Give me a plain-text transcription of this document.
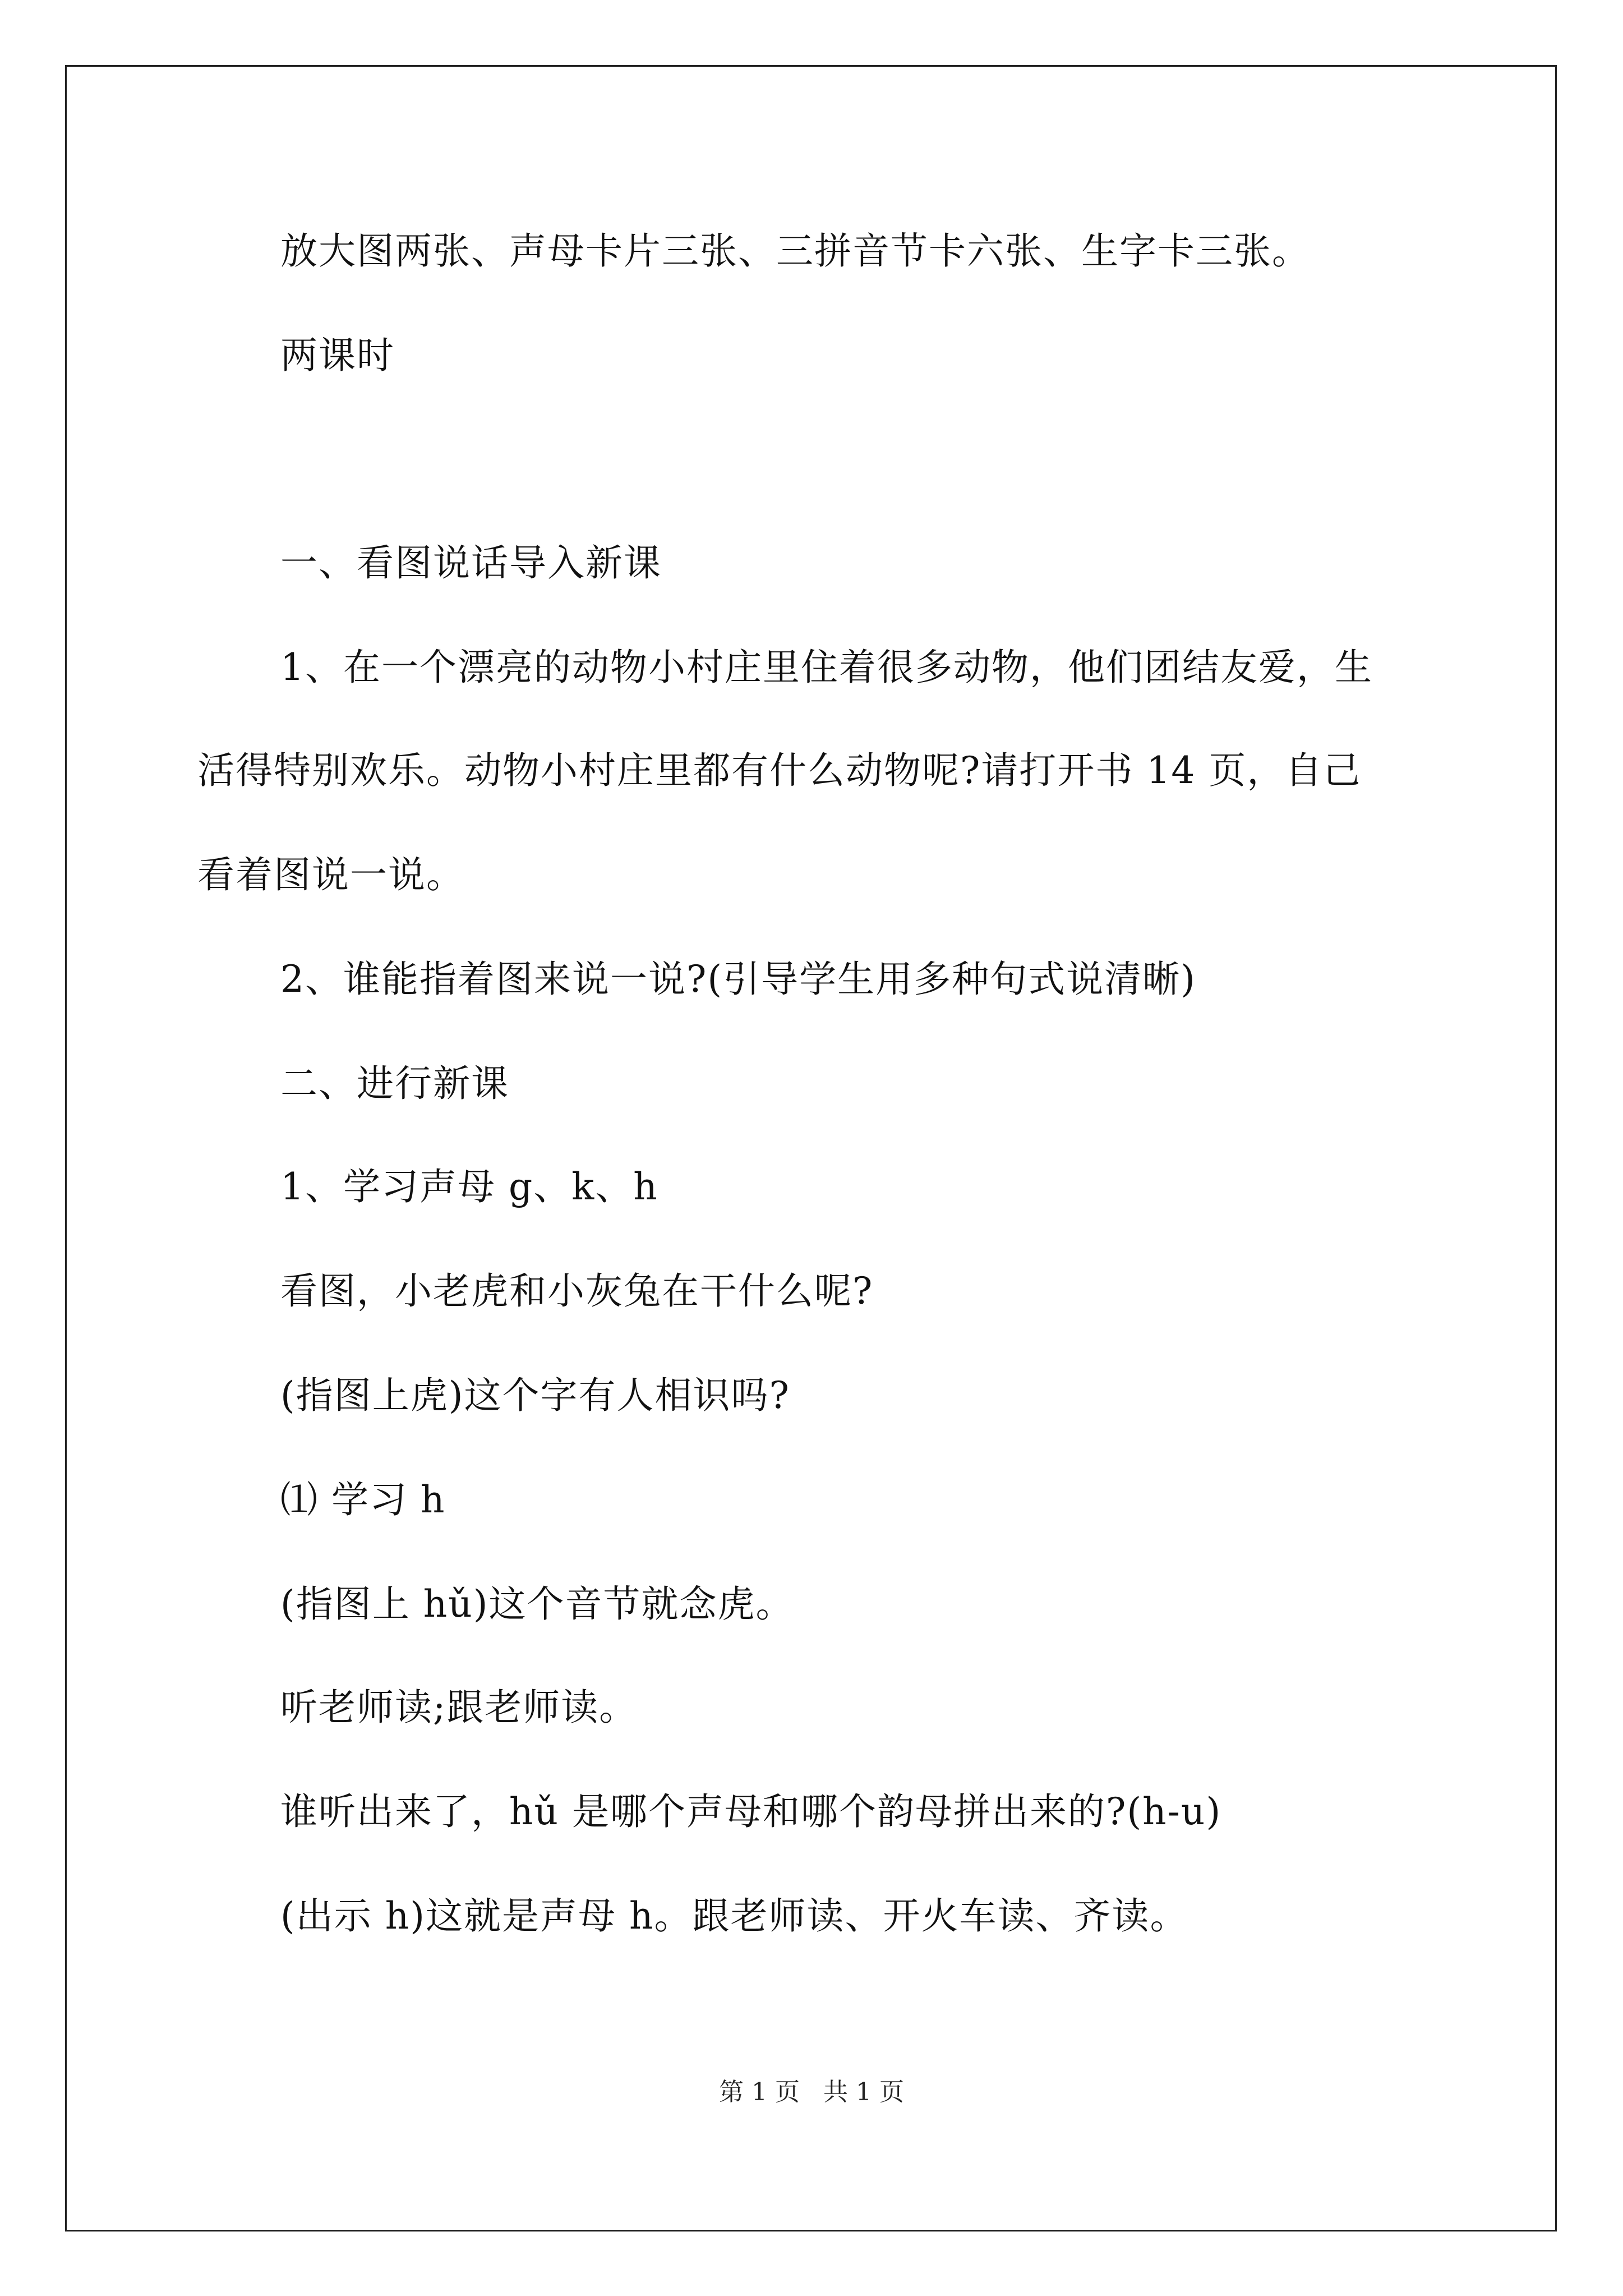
放大图两张、声母卡片三张、三拼音节卡六张、生字卡三张。
两课时
一、看图说话导入新课
1、在一个漂亮的动物小村庄里住着很多动物，他们团结友爱，生
活得特别欢乐。动物小村庄里都有什么动物呢?请打开书 14 页，自己
看着图说一说。
2、谁能指着图来说一说?(引导学生用多种句式说清晰)
二、进行新课
1、学习声母 g、k、h
看图，小老虎和小灰兔在干什么呢?
(指图上虎)这个字有人相识吗?
⑴ 学习 h
(指图上 hǔ)这个音节就念虎。
听老师读;跟老师读。
谁听出来了，hǔ 是哪个声母和哪个韵母拼出来的?(h-u)
(出示 h)这就是声母 h。跟老师读、开火车读、齐读。
第 1 页 共 1 页
